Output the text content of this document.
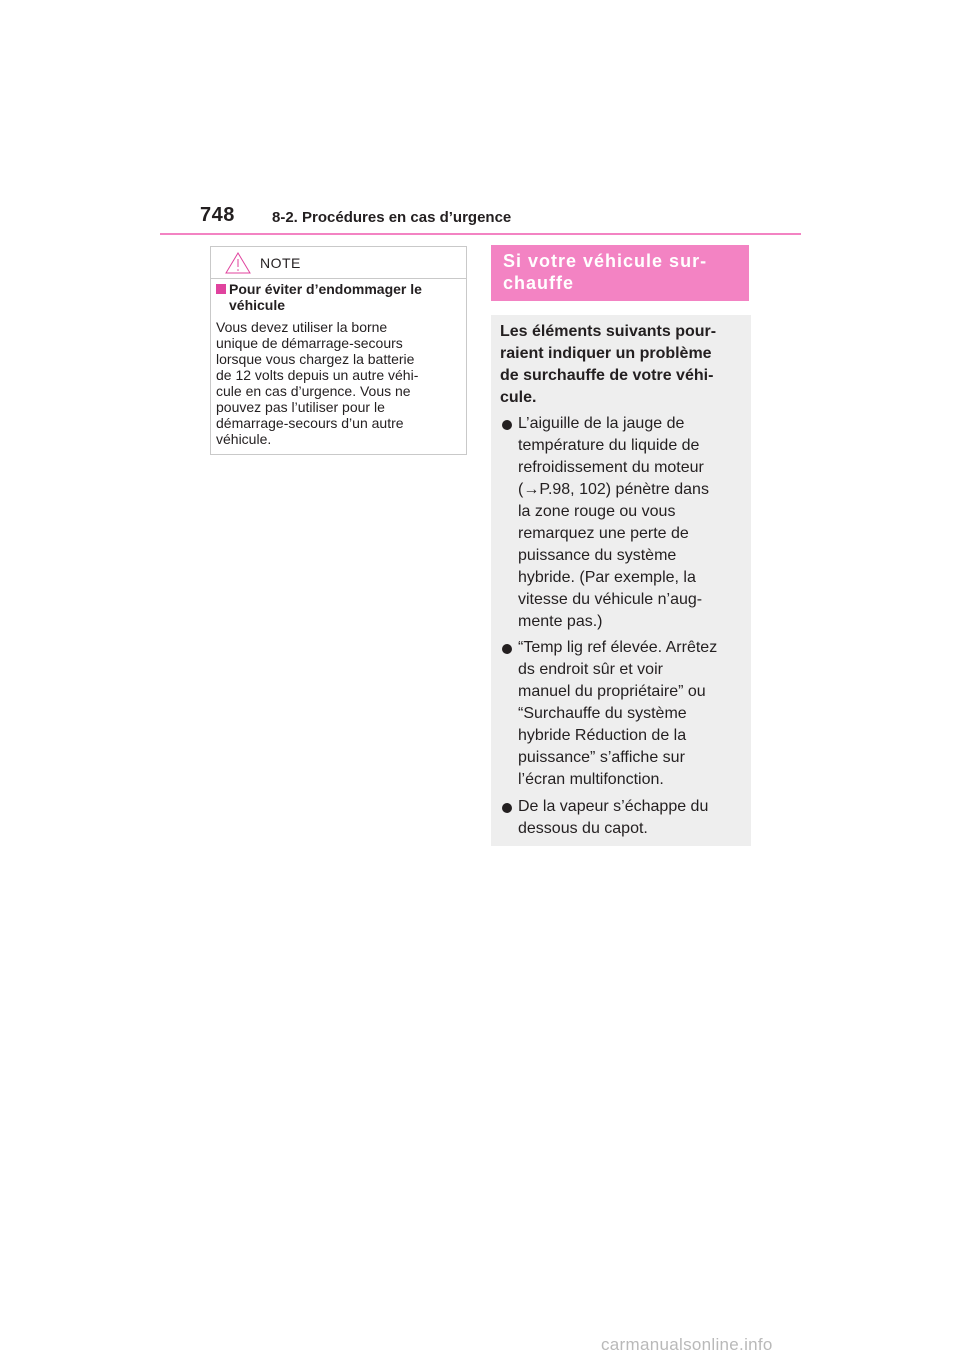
748 8-2. Procédures en cas d’urgence
NOTE
Pour éviter d’endommager le véhicule
Vous devez utiliser la borne
unique de démarrage-secours
lorsque vous chargez la batterie
de 12 volts depuis un autre véhi-
cule en cas d’urgence. Vous ne
pouvez pas l’utiliser pour le
démarrage-secours d’un autre
véhicule.
Si votre véhicule sur-
chauffe
Les éléments suivants pour-
raient indiquer un problème
de surchauffe de votre véhi-
cule.
L’aiguille de la jauge de
température du liquide de
refroidissement du moteur
(→P.98, 102) pénètre dans
la zone rouge ou vous
remarquez une perte de
puissance du système
hybride. (Par exemple, la
vitesse du véhicule n’aug-
mente pas.)
“Temp lig ref élevée. Arrêtez
ds endroit sûr et voir
manuel du propriétaire” ou
“Surchauffe du système
hybride Réduction de la
puissance” s’affiche sur
l’écran multifonction.
De la vapeur s’échappe du
dessous du capot.
carmanualsonline.info
